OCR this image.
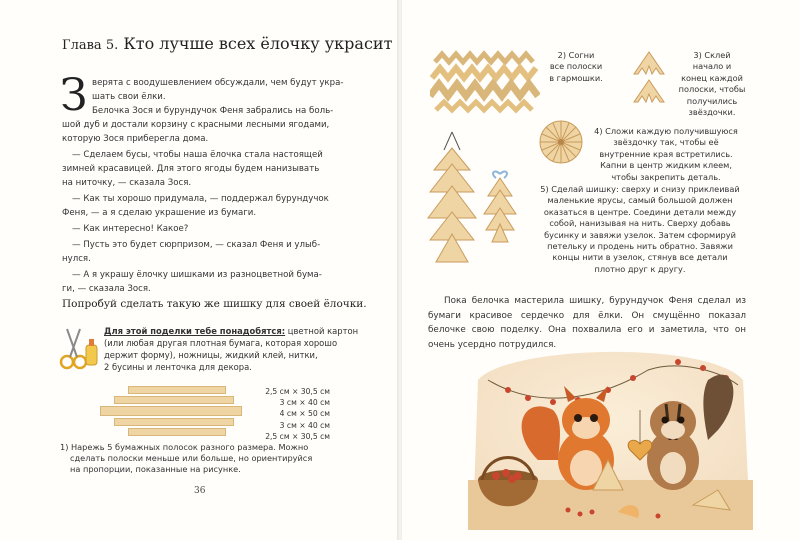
Глава 5. Кто лучше всех ёлочку украсит
З верята с воодушевлением обсуждали, чем будут укра-
шать свои ёлки.
Белочка Зося и бурундучок Феня забрались на боль-
шой дуб и достали корзину с красными лесными ягодами,
которую Зося приберегла дома.
— Сделаем бусы, чтобы наша ёлочка стала настоящей
зимней красавицей. Для этого ягоды будем нанизывать
на ниточку, — сказала Зося.
— Как ты хорошо придумала, — поддержал бурундучок
Феня, — а я сделаю украшение из бумаги.
— Как интересно! Какое?
— Пусть это будет сюрпризом, — сказал Феня и улыб-
нулся.
— А я украшу ёлочку шишками из разноцветной бума-
ги, — сказала Зося.
Попробуй сделать такую же шишку для своей ёлочки.
Для этой поделки тебе понадобятся: цветной картон
(или любая другая плотная бумага, которая хорошо
держит форму), ножницы, жидкий клей, нитки,
2 бусины и ленточка для декора.
2,5 см × 30,5 см
3 см × 40 см
4 см × 50 см
3 см × 40 см
2,5 см × 30,5 см
1) Нарежь 5 бумажных полосок разного размера. Можно
сделать полоски меньше или больше, но ориентируйся
на пропорции, показанные на рисунке.
36
2) Согни
все полоски
в гармошки.
3) Склей
начало и
конец каждой
полоски, чтобы
получились
звёздочки.
4) Сложи каждую получившуюся
звёздочку так, чтобы её
внутренние края встретились.
Капни в центр жидким клеем,
чтобы закрепить деталь.
5) Сделай шишку: сверху и снизу приклеивай
маленькие ярусы, самый большой должен
оказаться в центре. Соедини детали между
собой, нанизывая на нить. Сверху добавь
бусинку и завяжи узелок. Затем сформируй
петельку и продень нить обратно. Завяжи
концы нити в узелок, стянув все детали
плотно друг к другу.
Пока белочка мастерила шишку, бурундучок Феня сделал из бумаги красивое сердечко для ёлки. Он смущённо показал белочке свою поделку. Она похвалила его и заметила, что он очень усердно потрудился.
